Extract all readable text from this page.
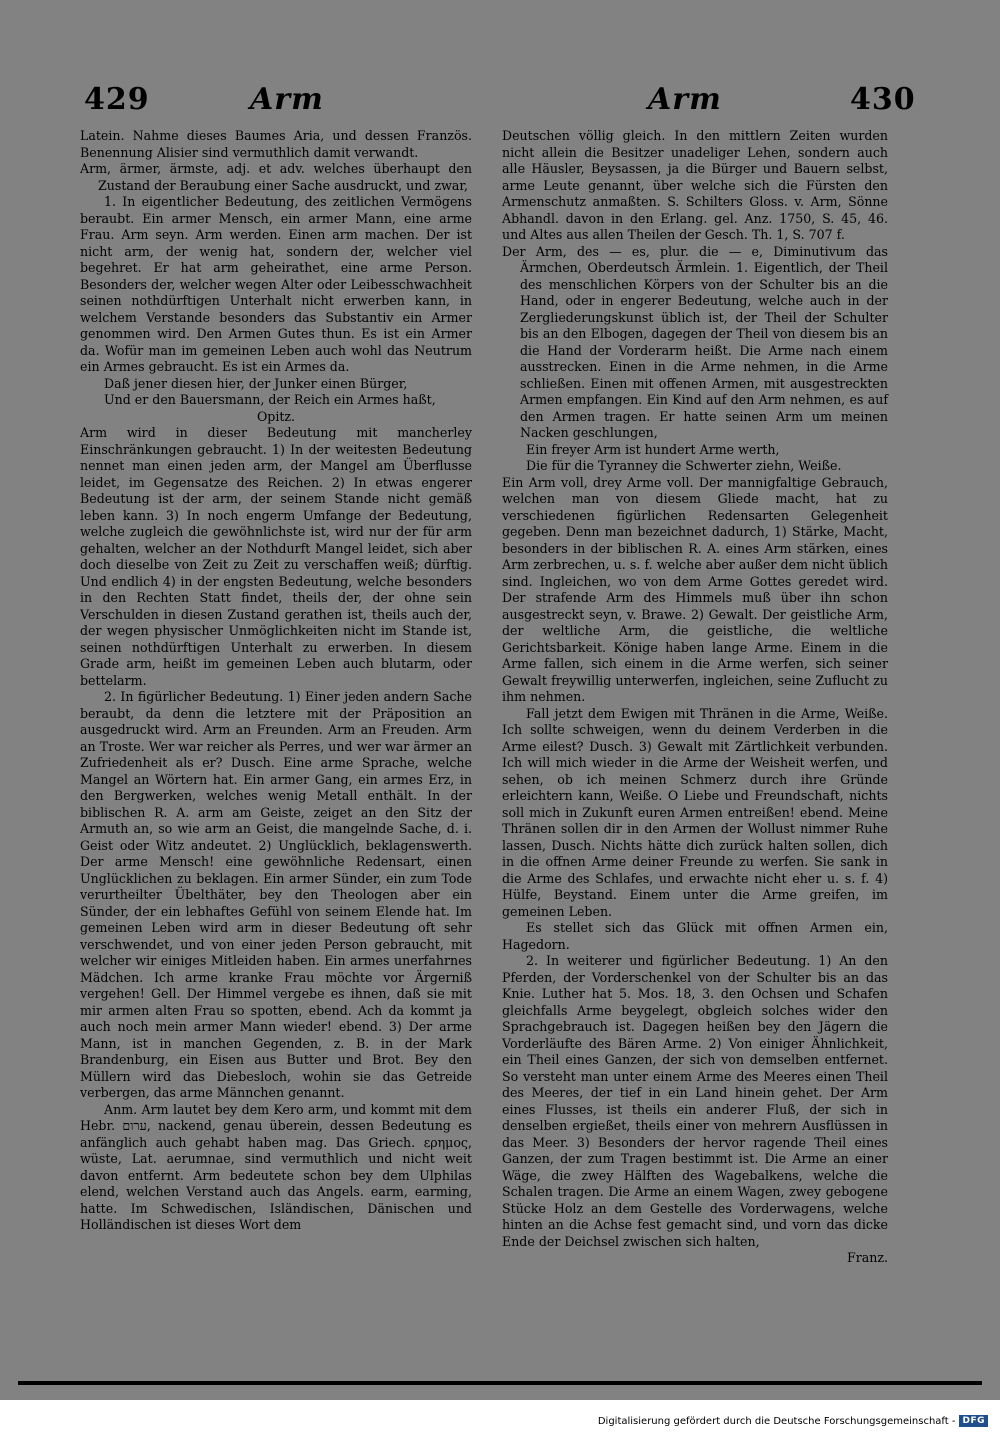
429	Arm	Arm	430

Latein. Nahme dieses Baumes Aria, und dessen Französ. Benennung Alisier sind vermuthlich damit verwandt.

Arm, ärmer, ärmste, adj. et adv. welches überhaupt den Zustand der Beraubung einer Sache ausdruckt, und zwar,

1. In eigentlicher Bedeutung, des zeitlichen Vermögens beraubt. Ein armer Mensch, ein armer Mann, eine arme Frau. Arm seyn. Arm werden. Einen arm machen. Der ist nicht arm, der wenig hat, sondern der, welcher viel begehret. Er hat arm geheirathet, eine arme Person. Besonders der, welcher wegen Alter oder Leibesschwachheit seinen nothdürftigen Unterhalt nicht erwerben kann, in welchem Verstande besonders das Substantiv ein Armer genommen wird. Den Armen Gutes thun. Es ist ein Armer da. Wofür man im gemeinen Leben auch wohl das Neutrum ein Armes gebraucht. Es ist ein Armes da.

Daß jener diesen hier, der Junker einen Bürger,

Und er den Bauersmann, der Reich ein Armes haßt,

Opitz.

Arm wird in dieser Bedeutung mit mancherley Einschränkungen gebraucht. 1) In der weitesten Bedeutung nennet man einen jeden arm, der Mangel am Überflusse leidet, im Gegensatze des Reichen. 2) In etwas engerer Bedeutung ist der arm, der seinem Stande nicht gemäß leben kann. 3) In noch engerm Umfange der Bedeutung, welche zugleich die gewöhnlichste ist, wird nur der für arm gehalten, welcher an der Nothdurft Mangel leidet, sich aber doch dieselbe von Zeit zu Zeit zu verschaffen weiß; dürftig. Und endlich 4) in der engsten Bedeutung, welche besonders in den Rechten Statt findet, theils der, der ohne sein Verschulden in diesen Zustand gerathen ist, theils auch der, der wegen physischer Unmöglichkeiten nicht im Stande ist, seinen nothdürftigen Unterhalt zu erwerben. In diesem Grade arm, heißt im gemeinen Leben auch blutarm, oder bettelarm.

2. In figürlicher Bedeutung. 1) Einer jeden andern Sache beraubt, da denn die letztere mit der Präposition an ausgedruckt wird. Arm an Freunden. Arm an Freuden. Arm an Troste. Wer war reicher als Perres, und wer war ärmer an Zufriedenheit als er? Dusch. Eine arme Sprache, welche Mangel an Wörtern hat. Ein armer Gang, ein armes Erz, in den Bergwerken, welches wenig Metall enthält. In der biblischen R. A. arm am Geiste, zeiget an den Sitz der Armuth an, so wie arm an Geist, die mangelnde Sache, d. i. Geist oder Witz andeutet. 2) Unglücklich, beklagenswerth. Der arme Mensch! eine gewöhnliche Redensart, einen Unglücklichen zu beklagen. Ein armer Sünder, ein zum Tode verurtheilter Übelthäter, bey den Theologen aber ein Sünder, der ein lebhaftes Gefühl von seinem Elende hat. Im gemeinen Leben wird arm in dieser Bedeutung oft sehr verschwendet, und von einer jeden Person gebraucht, mit welcher wir einiges Mitleiden haben. Ein armes unerfahrnes Mädchen. Ich arme kranke Frau möchte vor Ärgerniß vergehen! Gell. Der Himmel vergebe es ihnen, daß sie mit mir armen alten Frau so spotten, ebend. Ach da kommt ja auch noch mein armer Mann wieder! ebend. 3) Der arme Mann, ist in manchen Gegenden, z. B. in der Mark Brandenburg, ein Eisen aus Butter und Brot. Bey den Müllern wird das Diebesloch, wohin sie das Getreide verbergen, das arme Männchen genannt.

Anm. Arm lautet bey dem Kero arm, und kommt mit dem Hebr. ערום, nackend, genau überein, dessen Bedeutung es anfänglich auch gehabt haben mag. Das Griech. ερημος, wüste, Lat. aerumnae, sind vermuthlich und nicht weit davon entfernt. Arm bedeutete schon bey dem Ulphilas elend, welchen Verstand auch das Angels. earm, earming, hatte. Im Schwedischen, Isländischen, Dänischen und Holländischen ist dieses Wort dem

Deutschen völlig gleich. In den mittlern Zeiten wurden nicht allein die Besitzer unadeliger Lehen, sondern auch alle Häusler, Beysassen, ja die Bürger und Bauern selbst, arme Leute genannt, über welche sich die Fürsten den Armenschutz anmaßten. S. Schilters Gloss. v. Arm, Sönne Abhandl. davon in den Erlang. gel. Anz. 1750, S. 45, 46. und Altes aus allen Theilen der Gesch. Th. 1, S. 707 f.

Der Arm, des — es, plur. die — e, Diminutivum das Ärmchen, Oberdeutsch Ärmlein. 1. Eigentlich, der Theil des menschlichen Körpers von der Schulter bis an die Hand, oder in engerer Bedeutung, welche auch in der Zergliederungskunst üblich ist, der Theil der Schulter bis an den Elbogen, dagegen der Theil von diesem bis an die Hand der Vorderarm heißt. Die Arme nach einem ausstrecken. Einen in die Arme nehmen, in die Arme schließen. Einen mit offenen Armen, mit ausgestreckten Armen empfangen. Ein Kind auf den Arm nehmen, es auf den Armen tragen. Er hatte seinen Arm um meinen Nacken geschlungen,

Ein freyer Arm ist hundert Arme werth,

Die für die Tyranney die Schwerter ziehn, Weiße.

Ein Arm voll, drey Arme voll. Der mannigfaltige Gebrauch, welchen man von diesem Gliede macht, hat zu verschiedenen figürlichen Redensarten Gelegenheit gegeben. Denn man bezeichnet dadurch, 1) Stärke, Macht, besonders in der biblischen R. A. eines Arm stärken, eines Arm zerbrechen, u. s. f. welche aber außer dem nicht üblich sind. Ingleichen, wo von dem Arme Gottes geredet wird. Der strafende Arm des Himmels muß über ihn schon ausgestreckt seyn, v. Brawe. 2) Gewalt. Der geistliche Arm, der weltliche Arm, die geistliche, die weltliche Gerichtsbarkeit. Könige haben lange Arme. Einem in die Arme fallen, sich einem in die Arme werfen, sich seiner Gewalt freywillig unterwerfen, ingleichen, seine Zuflucht zu ihm nehmen.

Fall jetzt dem Ewigen mit Thränen in die Arme, Weiße. Ich sollte schweigen, wenn du deinem Verderben in die Arme eilest? Dusch. 3) Gewalt mit Zärtlichkeit verbunden. Ich will mich wieder in die Arme der Weisheit werfen, und sehen, ob ich meinen Schmerz durch ihre Gründe erleichtern kann, Weiße. O Liebe und Freundschaft, nichts soll mich in Zukunft euren Armen entreißen! ebend. Meine Thränen sollen dir in den Armen der Wollust nimmer Ruhe lassen, Dusch. Nichts hätte dich zurück halten sollen, dich in die offnen Arme deiner Freunde zu werfen. Sie sank in die Arme des Schlafes, und erwachte nicht eher u. s. f. 4) Hülfe, Beystand. Einem unter die Arme greifen, im gemeinen Leben.

Es stellet sich das Glück mit offnen Armen ein, Hagedorn.

2. In weiterer und figürlicher Bedeutung. 1) An den Pferden, der Vorderschenkel von der Schulter bis an das Knie. Luther hat 5. Mos. 18, 3. den Ochsen und Schafen gleichfalls Arme beygelegt, obgleich solches wider den Sprachgebrauch ist. Dagegen heißen bey den Jägern die Vorderläufte des Bären Arme. 2) Von einiger Ähnlichkeit, ein Theil eines Ganzen, der sich von demselben entfernet. So versteht man unter einem Arme des Meeres einen Theil des Meeres, der tief in ein Land hinein gehet. Der Arm eines Flusses, ist theils ein anderer Fluß, der sich in denselben ergießet, theils einer von mehrern Ausflüssen in das Meer. 3) Besonders der hervor ragende Theil eines Ganzen, der zum Tragen bestimmt ist. Die Arme an einer Wäge, die zwey Hälften des Wagebalkens, welche die Schalen tragen. Die Arme an einem Wagen, zwey gebogene Stücke Holz an dem Gestelle des Vorderwagens, welche hinten an die Achse fest gemacht sind, und vorn das dicke Ende der Deichsel zwischen sich halten,

Franz.

Digitalisierung gefördert durch die Deutsche Forschungsgemeinschaft - DFG
